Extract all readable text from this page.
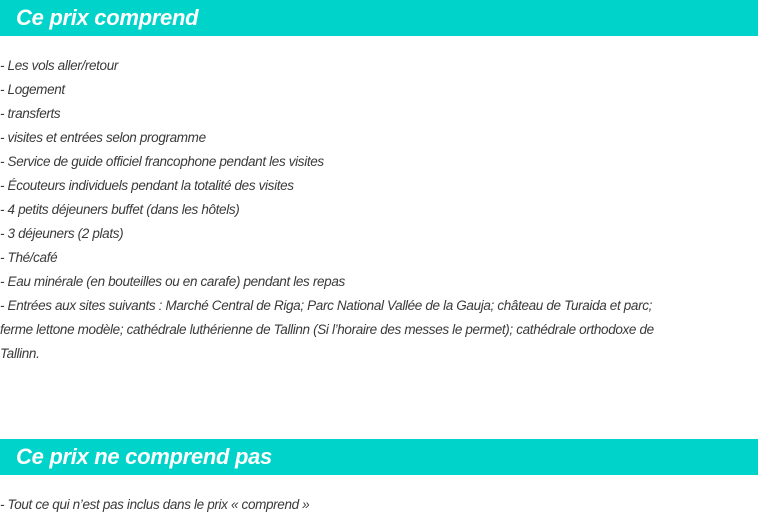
Ce prix comprend
- Les vols aller/retour
- Logement
- transferts
- visites et entrées selon programme
- Service de guide officiel francophone pendant les visites
- Écouteurs individuels pendant la totalité des visites
- 4 petits déjeuners buffet (dans les hôtels)
- 3 déjeuners (2 plats)
- Thé/café
- Eau minérale (en bouteilles ou en carafe) pendant les repas
- Entrées aux sites suivants : Marché Central de Riga; Parc National Vallée de la Gauja; château de Turaida et parc;
ferme lettone modèle; cathédrale luthérienne de Tallinn (Si l’horaire des messes le permet); cathédrale orthodoxe de
Tallinn.
Ce prix ne comprend pas
- Tout ce qui n’est pas inclus dans le prix « comprend »
